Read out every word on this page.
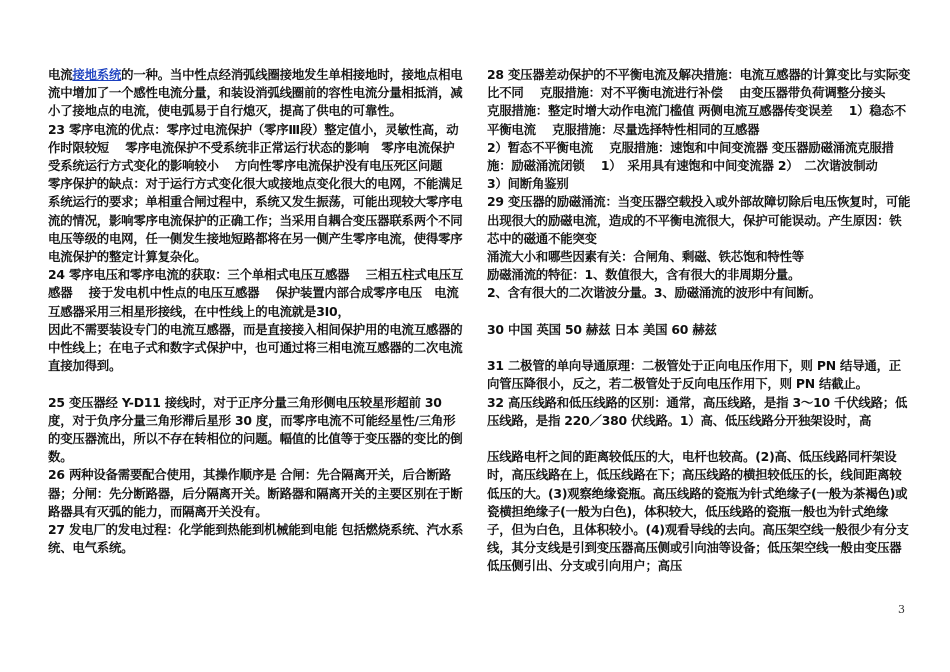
电流接地系统的一种。当中性点经消弧线圈接地发生单相接地时，接地点相电流中增加了一个感性电流分量，和装设消弧线圈前的容性电流分量相抵消，减小了接地点的电流，使电弧易于自行熄灭，提高了供电的可靠性。

23 零序电流的优点：零序过电流保护（零序Ⅲ段）整定值小，灵敏性高，动作时限较短　 零序电流保护不受系统非正常运行状态的影响　零序电流保护受系统运行方式变化的影响较小　 方向性零序电流保护没有电压死区问题

零序保护的缺点：对于运行方式变化很大或接地点变化很大的电网，不能满足系统运行的要求；单相重合闸过程中，系统又发生振荡，可能出现较大零序电流的情况，影响零序电流保护的正确工作；当采用自耦合变压器联系两个不同电压等级的电网，任一侧发生接地短路都将在另一侧产生零序电流，使得零序电流保护的整定计算复杂化。

24 零序电压和零序电流的获取：三个单相式电压互感器　 三相五柱式电压互感器　 接于发电机中性点的电压互感器　 保护装置内部合成零序电压　电流互感器采用三相星形接线，在中性线上的电流就是3I0，

因此不需要装设专门的电流互感器，而是直接接入相间保护用的电流互感器的中性线上；在电子式和数字式保护中，也可通过将三相电流互感器的二次电流直接加得到。

25 变压器经 Y-D11 接线时，对于正序分量三角形侧电压较星形超前 30 度，对于负序分量三角形滞后星形 30 度，而零序电流不可能经星性/三角形的变压器流出，所以不存在转相位的问题。幅值的比值等于变压器的变比的倒数。

26 两种设备需要配合使用，其操作顺序是 合闸：先合隔离开关，后合断路器；分闸：先分断路器，后分隔离开关。断路器和隔离开关的主要区别在于断路器具有灭弧的能力，而隔离开关没有。

27 发电厂的发电过程：化学能到热能到机械能到电能 包括燃烧系统、汽水系统、电气系统。

28 变压器差动保护的不平衡电流及解决措施：电流互感器的计算变比与实际变比不同　 克服措施：对不平衡电流进行补偿　 由变压器带负荷调整分接头　 克服措施：整定时增大动作电流门槛值 两侧电流互感器传变误差　 1）稳态不平衡电流　 克服措施：尽量选择特性相同的互感器

2）暂态不平衡电流　 克服措施：速饱和中间变流器 变压器励磁涌流克服措施：励磁涌流闭锁　 1）　采用具有速饱和中间变流器 2）　二次谐波制动

3）间断角鉴别

29 变压器的励磁涌流：当变压器空载投入或外部故障切除后电压恢复时，可能出现很大的励磁电流，造成的不平衡电流很大，保护可能误动。产生原因：铁芯中的磁通不能突变

涌流大小和哪些因素有关：合闸角、剩磁、铁芯饱和特性等

励磁涌流的特征：1、数值很大，含有很大的非周期分量。

2、含有很大的二次谐波分量。3、励磁涌流的波形中有间断。

30 中国 英国 50 赫兹 日本 美国 60 赫兹

31 二极管的单向导通原理：二极管处于正向电压作用下，则 PN 结导通，正向管压降很小，反之，若二极管处于反向电压作用下，则 PN 结截止。

32 高压线路和低压线路的区别：通常，高压线路，是指 3～10 千伏线路；低压线路，是指 220／380 伏线路。1）高、低压线路分开独架设时，高

压线路电杆之间的距离较低压的大，电杆也较高。(2)高、低压线路同杆架设时，高压线路在上，低压线路在下；高压线路的横担较低压的长，线间距离较低压的大。(3)观察绝缘瓷瓶。高压线路的瓷瓶为针式绝缘子(一般为茶褐色)或瓷横担绝缘子(一般为白色)，体积较大，低压线路的瓷瓶一般也为针式绝缘子，但为白色，且体积较小。(4)观看导线的去向。高压架空线一般很少有分支线，其分支线是引到变压器高压侧或引向油等设备；低压架空线一般由变压器低压侧引出、分支或引向用户；高压

3
